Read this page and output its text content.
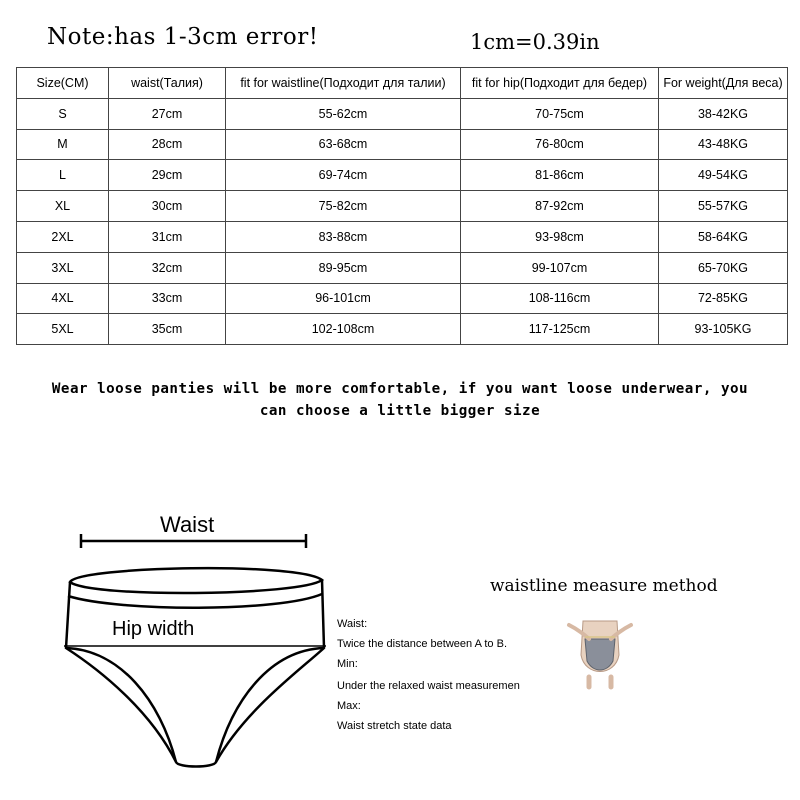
Note:has 1-3cm error!	1cm=0.39in
Size(CM)	waist(Талия)	fit for waistline(Подходит для талии)	fit for hip(Подходит для бедер)	For weight(Для веса)
S	27cm	55-62cm	70-75cm	38-42KG
M	28cm	63-68cm	76-80cm	43-48KG
L	29cm	69-74cm	81-86cm	49-54KG
XL	30cm	75-82cm	87-92cm	55-57KG
2XL	31cm	83-88cm	93-98cm	58-64KG
3XL	32cm	89-95cm	99-107cm	65-70KG
4XL	33cm	96-101cm	108-116cm	72-85KG
5XL	35cm	102-108cm	117-125cm	93-105KG
Wear loose panties will be more comfortable, if you want loose underwear, you
can choose a little bigger size
Waist
Hip width
waistline measure method
Waist:
Twice the distance between A to B.
Min:
Under the relaxed waist measuremen
Max:
Waist stretch state data
